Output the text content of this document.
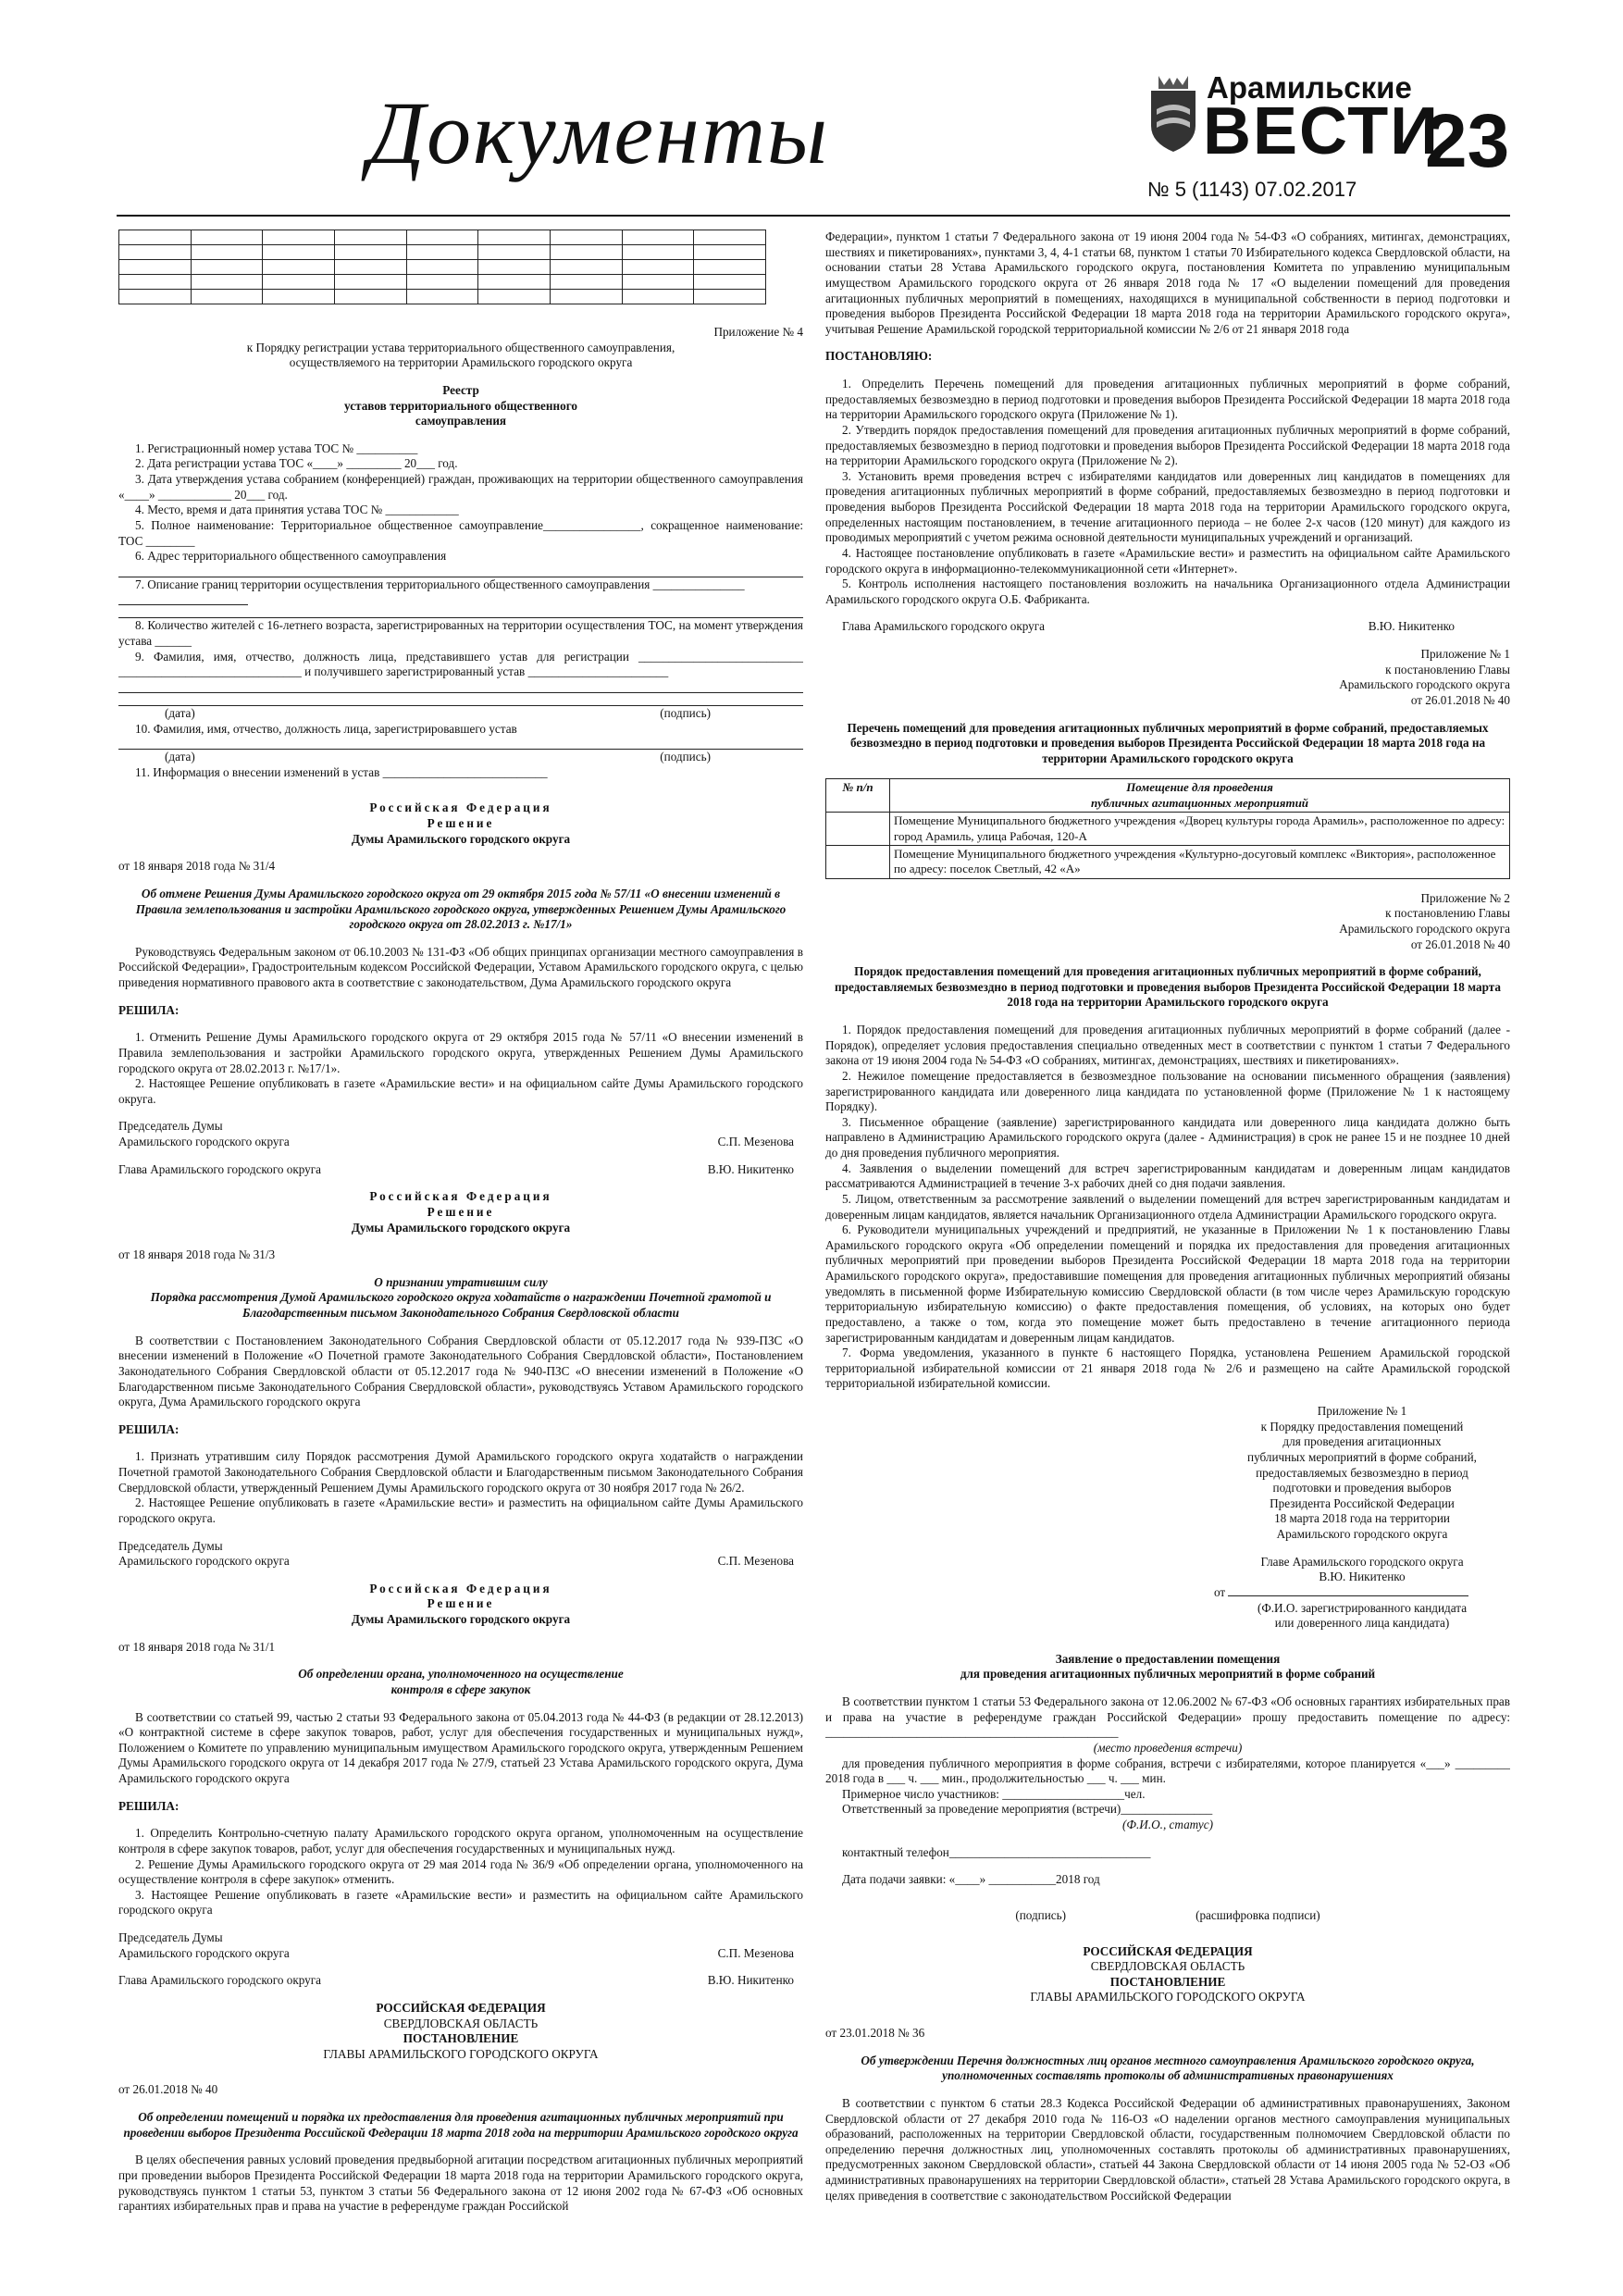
Документы	Арамильские
ВЕСТИ
23
№ 5 (1143) 07.02.2017

Приложение № 4
к Порядку регистрации устава территориального общественного самоуправления,
осуществляемого на территории Арамильского городского округа
Реестр
уставов территориального общественного
самоуправления

1. Регистрационный номер устава ТОС № __________

2. Дата регистрации устава ТОС «____» _________ 20___ год.

3. Дата утверждения устава собранием (конференцией) граждан, проживающих на территории общественного самоуправления «____» ____________ 20___ год.

4. Место, время и дата принятия устава ТОС № ____________

5. Полное наименование: Территориальное общественное самоуправление________________, сокращенное наименование: ТОС ________

6. Адрес территориального общественного самоуправления

7. Описание границ территории осуществления территориального общественного самоуправления _______________

8. Количество жителей с 16-летнего возраста, зарегистрированных на территории осуществления ТОС, на момент утверждения устава ______

9. Фамилия, имя, отчество, должность лица, представившего устав для регистрации ___________________________ ______________________________ и получившего зарегистрированный устав _______________________

(дата)	(подпись)

10. Фамилия, имя, отчество, должность лица, зарегистрировавшего устав

(дата)	(подпись)

11. Информация о внесении изменений в устав ___________________________

Российская Федерация
Решение
Думы Арамильского городского округа
от 18 января 2018 года № 31/4
Об отмене Решения Думы Арамильского городского округа от 29 октября 2015 года № 57/11 «О внесении изменений в Правила землепользования и застройки Арамильского городского округа, утвержденных Решением Думы Арамильского городского округа от 28.02.2013 г. №17/1»

Руководствуясь Федеральным законом от 06.10.2003 № 131-ФЗ «Об общих принципах организации местного самоуправления в Российской Федерации», Градостроительным кодексом Российской Федерации, Уставом Арамильского городского округа, с целью приведения нормативного правового акта в соответствие с законодательством, Дума Арамильского городского округа

РЕШИЛА:

1. Отменить Решение Думы Арамильского городского округа от 29 октября 2015 года № 57/11 «О внесении изменений в Правила землепользования и застройки Арамильского городского округа, утвержденных Решением Думы Арамильского городского округа от 28.02.2013 г. №17/1».

2. Настоящее Решение опубликовать в газете «Арамильские вести» и на официальном сайте Думы Арамильского городского округа.

Председатель Думы
Арамильского городского округа	С.П. Мезенова
Глава Арамильского городского округа	В.Ю. Никитенко
Российская Федерация
Решение
Думы Арамильского городского округа
от 18 января 2018 года № 31/3
О признании утратившим силу
Порядка рассмотрения Думой Арамильского городского округа ходатайств о награждении Почетной грамотой и Благодарственным письмом Законодательного Собрания Свердловской области

В соответствии с Постановлением Законодательного Собрания Свердловской области от 05.12.2017 года № 939-ПЗС «О внесении изменений в Положение «О Почетной грамоте Законодательного Собрания Свердловской области», Постановлением Законодательного Собрания Свердловской области от 05.12.2017 года № 940-ПЗС «О внесении изменений в Положение «О Благодарственном письме Законодательного Собрания Свердловской области», руководствуясь Уставом Арамильского городского округа, Дума Арамильского городского округа

РЕШИЛА:

1. Признать утратившим силу Порядок рассмотрения Думой Арамильского городского округа ходатайств о награждении Почетной грамотой Законодательного Собрания Свердловской области и Благодарственным письмом Законодательного Собрания Свердловской области, утвержденный Решением Думы Арамильского городского округа от 30 ноября 2017 года № 26/2.

2. Настоящее Решение опубликовать в газете «Арамильские вести» и разместить на официальном сайте Думы Арамильского городского округа.

Председатель Думы
Арамильского городского округа	С.П. Мезенова
Российская Федерация
Решение
Думы Арамильского городского округа
от 18 января 2018 года № 31/1
Об определении органа, уполномоченного на осуществление
контроля в сфере закупок

В соответствии со статьей 99, частью 2 статьи 93 Федерального закона от 05.04.2013 года № 44-ФЗ (в редакции от 28.12.2013) «О контрактной системе в сфере закупок товаров, работ, услуг для обеспечения государственных и муниципальных нужд», Положением о Комитете по управлению муниципальным имуществом Арамильского городского округа, утвержденным Решением Думы Арамильского городского округа от 14 декабря 2017 года № 27/9, статьей 23 Устава Арамильского городского округа, Дума Арамильского городского округа

РЕШИЛА:

1. Определить Контрольно-счетную палату Арамильского городского округа органом, уполномоченным на осуществление контроля в сфере закупок товаров, работ, услуг для обеспечения государственных и муниципальных нужд.

2. Решение Думы Арамильского городского округа от 29 мая 2014 года № 36/9 «Об определении органа, уполномоченного на осуществление контроля в сфере закупок» отменить.

3. Настоящее Решение опубликовать в газете «Арамильские вести» и разместить на официальном сайте Арамильского городского округа

Председатель Думы
Арамильского городского округа	С.П. Мезенова
Глава Арамильского городского округа	В.Ю. Никитенко
РОССИЙСКАЯ ФЕДЕРАЦИЯ
СВЕРДЛОВСКАЯ ОБЛАСТЬ
ПОСТАНОВЛЕНИЕ
ГЛАВЫ АРАМИЛЬСКОГО ГОРОДСКОГО ОКРУГА
от 26.01.2018 № 40
Об определении помещений и порядка их предоставления для проведения агитационных публичных мероприятий при проведении выборов Президента Российской Федерации 18 марта 2018 года на территории Арамильского городского округа

В целях обеспечения равных условий проведения предвыборной агитации посредством агитационных публичных мероприятий при проведении выборов Президента Российской Федерации 18 марта 2018 года на территории Арамильского городского округа, руководствуясь пунктом 1 статьи 53, пунктом 3 статьи 56 Федерального закона от 12 июня 2002 года № 67-ФЗ «Об основных гарантиях избирательных прав и права на участие в референдуме граждан Российской

Федерации», пунктом 1 статьи 7 Федерального закона от 19 июня 2004 года № 54-ФЗ «О собраниях, митингах, демонстрациях, шествиях и пикетированиях», пунктами 3, 4, 4-1 статьи 68, пунктом 1 статьи 70 Избирательного кодекса Свердловской области, на основании статьи 28 Устава Арамильского городского округа, постановления Комитета по управлению муниципальным имуществом Арамильского городского округа от 26 января 2018 года № 17 «О выделении помещений для проведения агитационных публичных мероприятий в помещениях, находящихся в муниципальной собственности в период подготовки и проведения выборов Президента Российской Федерации 18 марта 2018 года на территории Арамильского городского округа», учитывая Решение Арамильской городской территориальной комиссии № 2/6 от 21 января 2018 года

ПОСТАНОВЛЯЮ:

1. Определить Перечень помещений для проведения агитационных публичных мероприятий в форме собраний, предоставляемых безвозмездно в период подготовки и проведения выборов Президента Российской Федерации 18 марта 2018 года на территории Арамильского городского округа (Приложение № 1).

2. Утвердить порядок предоставления помещений для проведения агитационных публичных мероприятий в форме собраний, предоставляемых безвозмездно в период подготовки и проведения выборов Президента Российской Федерации 18 марта 2018 года на территории Арамильского городского округа (Приложение № 2).

3. Установить время проведения встреч с избирателями кандидатов или доверенных лиц кандидатов в помещениях для проведения агитационных публичных мероприятий в форме собраний, предоставляемых безвозмездно в период подготовки и проведения выборов Президента Российской Федерации 18 марта 2018 года на территории Арамильского городского округа, определенных настоящим постановлением, в течение агитационного периода – не более 2-х часов (120 минут) для каждого из проводимых мероприятий с учетом режима основной деятельности муниципальных учреждений и организаций.

4. Настоящее постановление опубликовать в газете «Арамильские вести» и разместить на официальном сайте Арамильского городского округа в информационно-телекоммуникационной сети «Интернет».

5. Контроль исполнения настоящего постановления возложить на начальника Организационного отдела Администрации Арамильского городского округа О.Б. Фабриканта.

Глава Арамильского городского округа	В.Ю. Никитенко
Приложение № 1
к постановлению Главы
Арамильского городского округа
от 26.01.2018 № 40
Перечень помещений для проведения агитационных публичных мероприятий в форме собраний, предоставляемых безвозмездно в период подготовки и проведения выборов Президента Российской Федерации 18 марта 2018 года на территории Арамильского городского округа
№ п/п	Помещение для проведения
публичных агитационных мероприятий
	Помещение Муниципального бюджетного учреждения «Дворец культуры города Арамиль», расположенное по адресу: город Арамиль, улица Рабочая, 120-А
	Помещение Муниципального бюджетного учреждения «Культурно-досуговый комплекс «Виктория», расположенное по адресу: поселок Светлый, 42 «А»
Приложение № 2
к постановлению Главы
Арамильского городского округа
от 26.01.2018 № 40
Порядок предоставления помещений для проведения агитационных публичных мероприятий в форме собраний, предоставляемых безвозмездно в период подготовки и проведения выборов Президента Российской Федерации 18 марта 2018 года на территории Арамильского городского округа

1. Порядок предоставления помещений для проведения агитационных публичных мероприятий в форме собраний (далее - Порядок), определяет условия предоставления специально отведенных мест в соответствии с пунктом 1 статьи 7 Федерального закона от 19 июня 2004 года № 54-ФЗ «О собраниях, митингах, демонстрациях, шествиях и пикетированиях».

2. Нежилое помещение предоставляется в безвозмездное пользование на основании письменного обращения (заявления) зарегистрированного кандидата или доверенного лица кандидата по установленной форме (Приложение № 1 к настоящему Порядку).

3. Письменное обращение (заявление) зарегистрированного кандидата или доверенного лица кандидата должно быть направлено в Администрацию Арамильского городского округа (далее - Администрация) в срок не ранее 15 и не позднее 10 дней до дня проведения публичного мероприятия.

4. Заявления о выделении помещений для встреч зарегистрированным кандидатам и доверенным лицам кандидатов рассматриваются Администрацией в течение 3-х рабочих дней со дня подачи заявления.

5. Лицом, ответственным за рассмотрение заявлений о выделении помещений для встреч зарегистрированным кандидатам и доверенным лицам кандидатов, является начальник Организационного отдела Администрации Арамильского городского округа.

6. Руководители муниципальных учреждений и предприятий, не указанные в Приложении № 1 к постановлению Главы Арамильского городского округа «Об определении помещений и порядка их предоставления для проведения агитационных публичных мероприятий при проведении выборов Президента Российской Федерации 18 марта 2018 года на территории Арамильского городского округа», предоставившие помещения для проведения агитационных публичных мероприятий обязаны уведомлять в письменной форме Избирательную комиссию Свердловской области (в том числе через Арамильскую городскую территориальную избирательную комиссию) о факте предоставления помещения, об условиях, на которых оно будет предоставлено, а также о том, когда это помещение может быть предоставлено в течение агитационного периода зарегистрированным кандидатам и доверенным лицам кандидатов.

7. Форма уведомления, указанного в пункте 6 настоящего Порядка, установлена Решением Арамильской городской территориальной избирательной комиссии от 21 января 2018 года № 2/6 и размещено на сайте Арамильской городской территориальной избирательной комиссии.

Приложение № 1
к Порядку предоставления помещений
для проведения агитационных
публичных мероприятий в форме собраний,
предоставляемых безвозмездно в период
подготовки и проведения выборов
Президента Российской Федерации
18 марта 2018 года на территории
Арамильского городского округа
Главе Арамильского городского округа
В.Ю. Никитенко
от
(Ф.И.О. зарегистрированного кандидата
или доверенного лица кандидата)
Заявление о предоставлении помещения
для проведения агитационных публичных мероприятий в форме собраний

В соответствии пунктом 1 статьи 53 Федерального закона от 12.06.2002 № 67-ФЗ «Об основных гарантиях избирательных прав и права на участие в референдуме граждан Российской Федерации» прошу предоставить помещение по адресу: ________________________________________________

(место проведения встречи)

для проведения публичного мероприятия в форме собрания, встречи с избирателями, которое планируется «___» _________ 2018 года в ___ ч. ___ мин., продолжительностью ___ ч. ___ мин.

Примерное число участников: ____________________чел.

Ответственный за проведение мероприятия (встречи)_______________

(Ф.И.О., статус)

контактный телефон_________________________________

Дата подачи заявки: «____» ___________2018 год

(подпись)	(расшифровка подписи)
РОССИЙСКАЯ ФЕДЕРАЦИЯ
СВЕРДЛОВСКАЯ ОБЛАСТЬ
ПОСТАНОВЛЕНИЕ
ГЛАВЫ АРАМИЛЬСКОГО ГОРОДСКОГО ОКРУГА
от 23.01.2018 № 36
Об утверждении Перечня должностных лиц органов местного самоуправления Арамильского городского округа, уполномоченных составлять протоколы об административных правонарушениях

В соответствии с пунктом 6 статьи 28.3 Кодекса Российской Федерации об административных правонарушениях, Законом Свердловской области от 27 декабря 2010 года № 116-ОЗ «О наделении органов местного самоуправления муниципальных образований, расположенных на территории Свердловской области, государственным полномочием Свердловской области по определению перечня должностных лиц, уполномоченных составлять протоколы об административных правонарушениях, предусмотренных законом Свердловской области», статьей 44 Закона Свердловской области от 14 июня 2005 года № 52-ОЗ «Об административных правонарушениях на территории Свердловской области», статьей 28 Устава Арамильского городского округа, в целях приведения в соответствие с законодательством Российской Федерации
